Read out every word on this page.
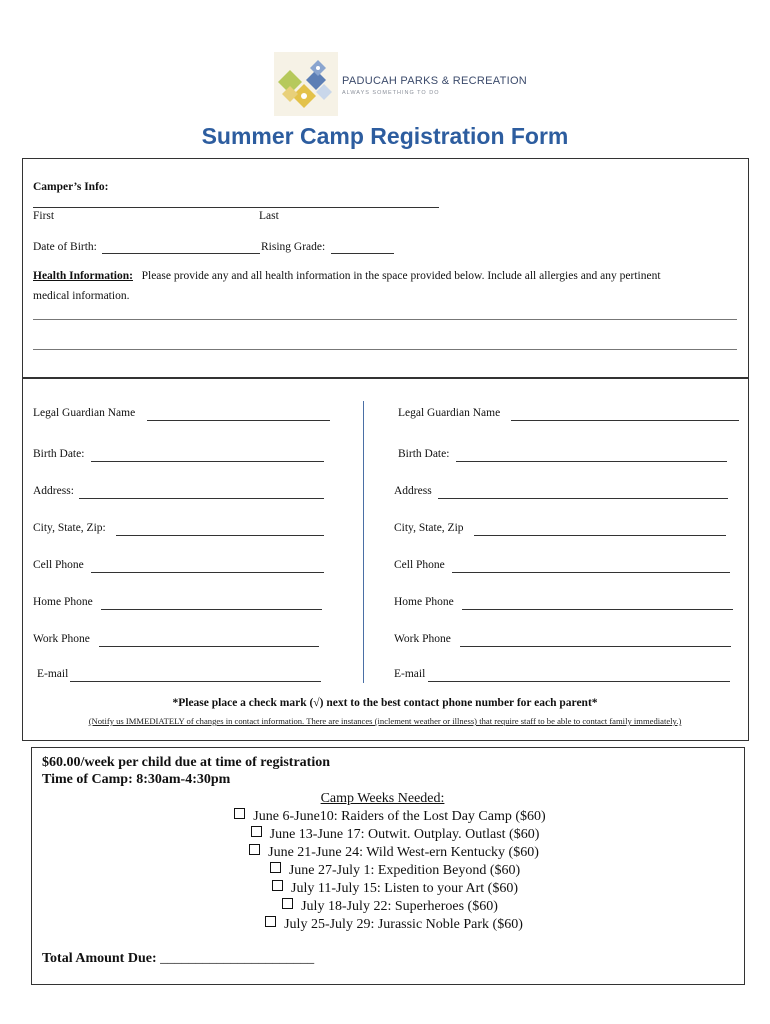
PADUCAH PARKS & RECREATION
ALWAYS SOMETHING TO DO
Summer Camp Registration Form
Camper’s Info:
First	Last
Date of Birth:	Rising Grade:
Health Information: Please provide any and all health information in the space provided below. Include all allergies and any pertinent
medical information.
Legal Guardian Name
Birth Date:
Address:
City, State, Zip:
Cell Phone
Home Phone
Work Phone
E-mail
Legal Guardian Name
Birth Date:
Address
City, State, Zip
Cell Phone
Home Phone
Work Phone
E-mail
*Please place a check mark (√) next to the best contact phone number for each parent*
(Notify us IMMEDIATELY of changes in contact information. There are instances (inclement weather or illness) that require staff to be able to contact family immediately.)
$60.00/week per child due at time of registration
Time of Camp: 8:30am-4:30pm
Camp Weeks Needed:
June 6-June10: Raiders of the Lost Day Camp ($60)
June 13-June 17: Outwit. Outplay. Outlast ($60)
June 21-June 24: Wild West-ern Kentucky ($60)
June 27-July 1: Expedition Beyond ($60)
July 11-July 15: Listen to your Art ($60)
July 18-July 22: Superheroes ($60)
July 25-July 29: Jurassic Noble Park ($60)
Total Amount Due: ______________________
